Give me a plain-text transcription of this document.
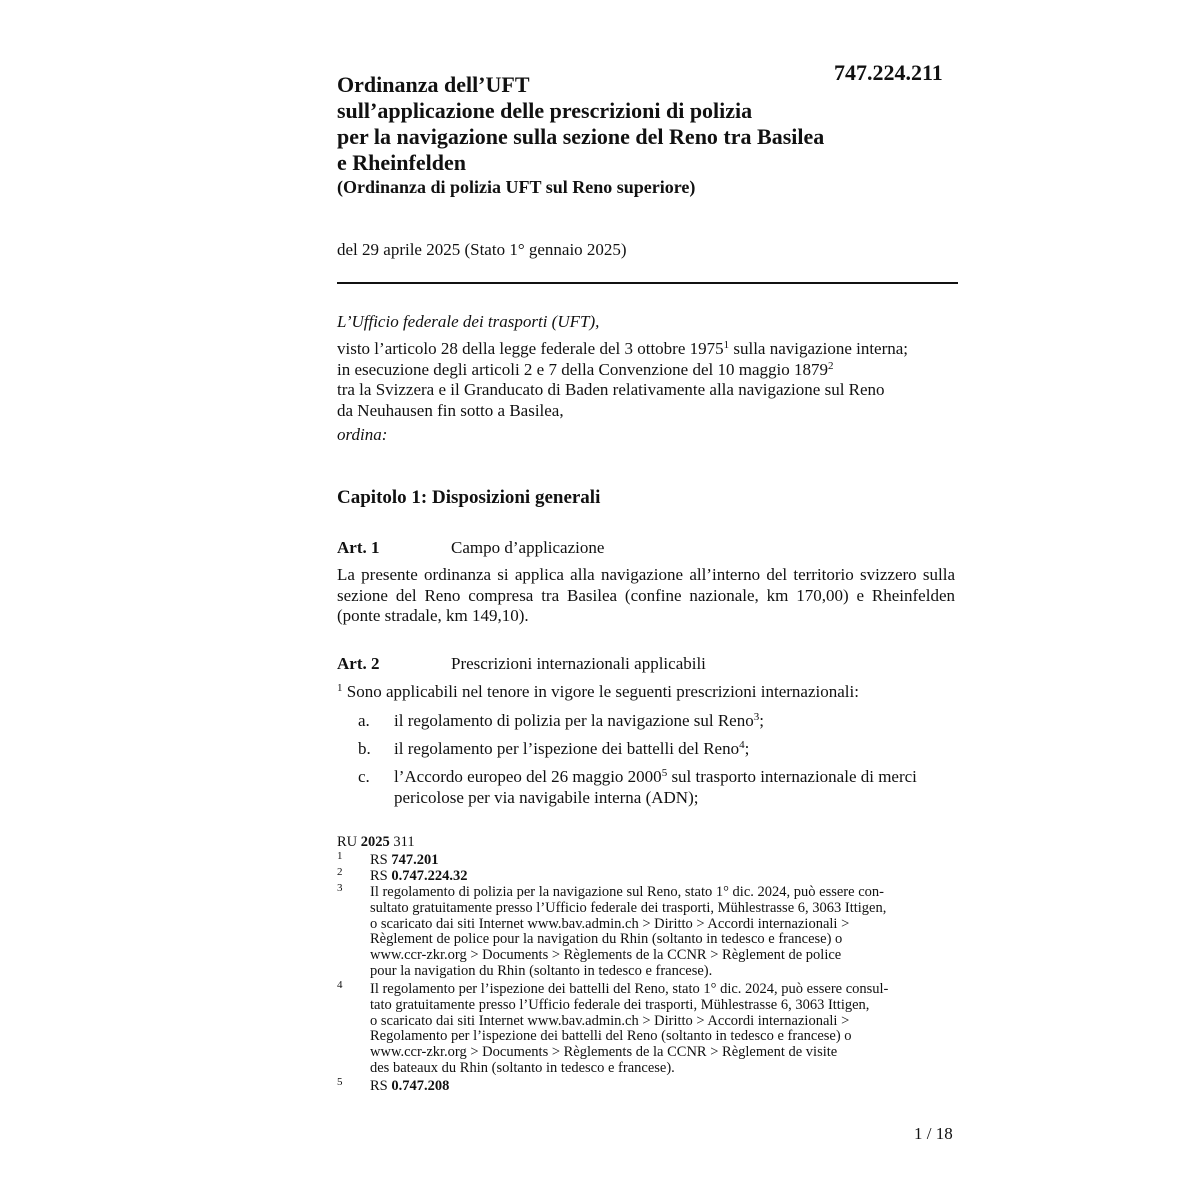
747.224.211
Ordinanza dell’UFT
sull’applicazione delle prescrizioni di polizia
per la navigazione sulla sezione del Reno tra Basilea
e Rheinfelden
(Ordinanza di polizia UFT sul Reno superiore)
del 29 aprile 2025 (Stato 1° gennaio 2025)
L’Ufficio federale dei trasporti (UFT),
visto l’articolo 28 della legge federale del 3 ottobre 1975$^1$ sulla navigazione interna;
in esecuzione degli articoli 2 e 7 della Convenzione del 10 maggio 1879$^2$
tra la Svizzera e il Granducato di Baden relativamente alla navigazione sul Reno
da Neuhausen fin sotto a Basilea,
ordina:
Capitolo 1: Disposizioni generali
Art. 1	Campo d’applicazione
La presente ordinanza si applica alla navigazione all’interno del territorio svizzero sulla sezione del Reno compresa tra Basilea (confine nazionale, km 170,00) e Rheinfelden (ponte stradale, km 149,10).
Art. 2	Prescrizioni internazionali applicabili
$^1$ Sono applicabili nel tenore in vigore le seguenti prescrizioni internazionali:
a. il regolamento di polizia per la navigazione sul Reno$^3$;
b. il regolamento per l’ispezione dei battelli del Reno$^4$;
c. l’Accordo europeo del 26 maggio 2000$^5$ sul trasporto internazionale di merci
pericolose per via navigabile interna (ADN);
RU 2025 311
1 RS 747.201
2 RS 0.747.224.32
3 Il regolamento di polizia per la navigazione sul Reno, stato 1° dic. 2024, può essere con-
sultato gratuitamente presso l’Ufficio federale dei trasporti, Mühlestrasse 6, 3063 Ittigen,
o scaricato dai siti Internet www.bav.admin.ch > Diritto > Accordi internazionali >
Règlement de police pour la navigation du Rhin (soltanto in tedesco e francese) o
www.ccr-zkr.org > Documents > Règlements de la CCNR > Règlement de police
pour la navigation du Rhin (soltanto in tedesco e francese).
4 Il regolamento per l’ispezione dei battelli del Reno, stato 1° dic. 2024, può essere consul-
tato gratuitamente presso l’Ufficio federale dei trasporti, Mühlestrasse 6, 3063 Ittigen,
o scaricato dai siti Internet www.bav.admin.ch > Diritto > Accordi internazionali >
Regolamento per l’ispezione dei battelli del Reno (soltanto in tedesco e francese) o
www.ccr-zkr.org > Documents > Règlements de la CCNR > Règlement de visite
des bateaux du Rhin (soltanto in tedesco e francese).
5 RS 0.747.208
1 / 18
